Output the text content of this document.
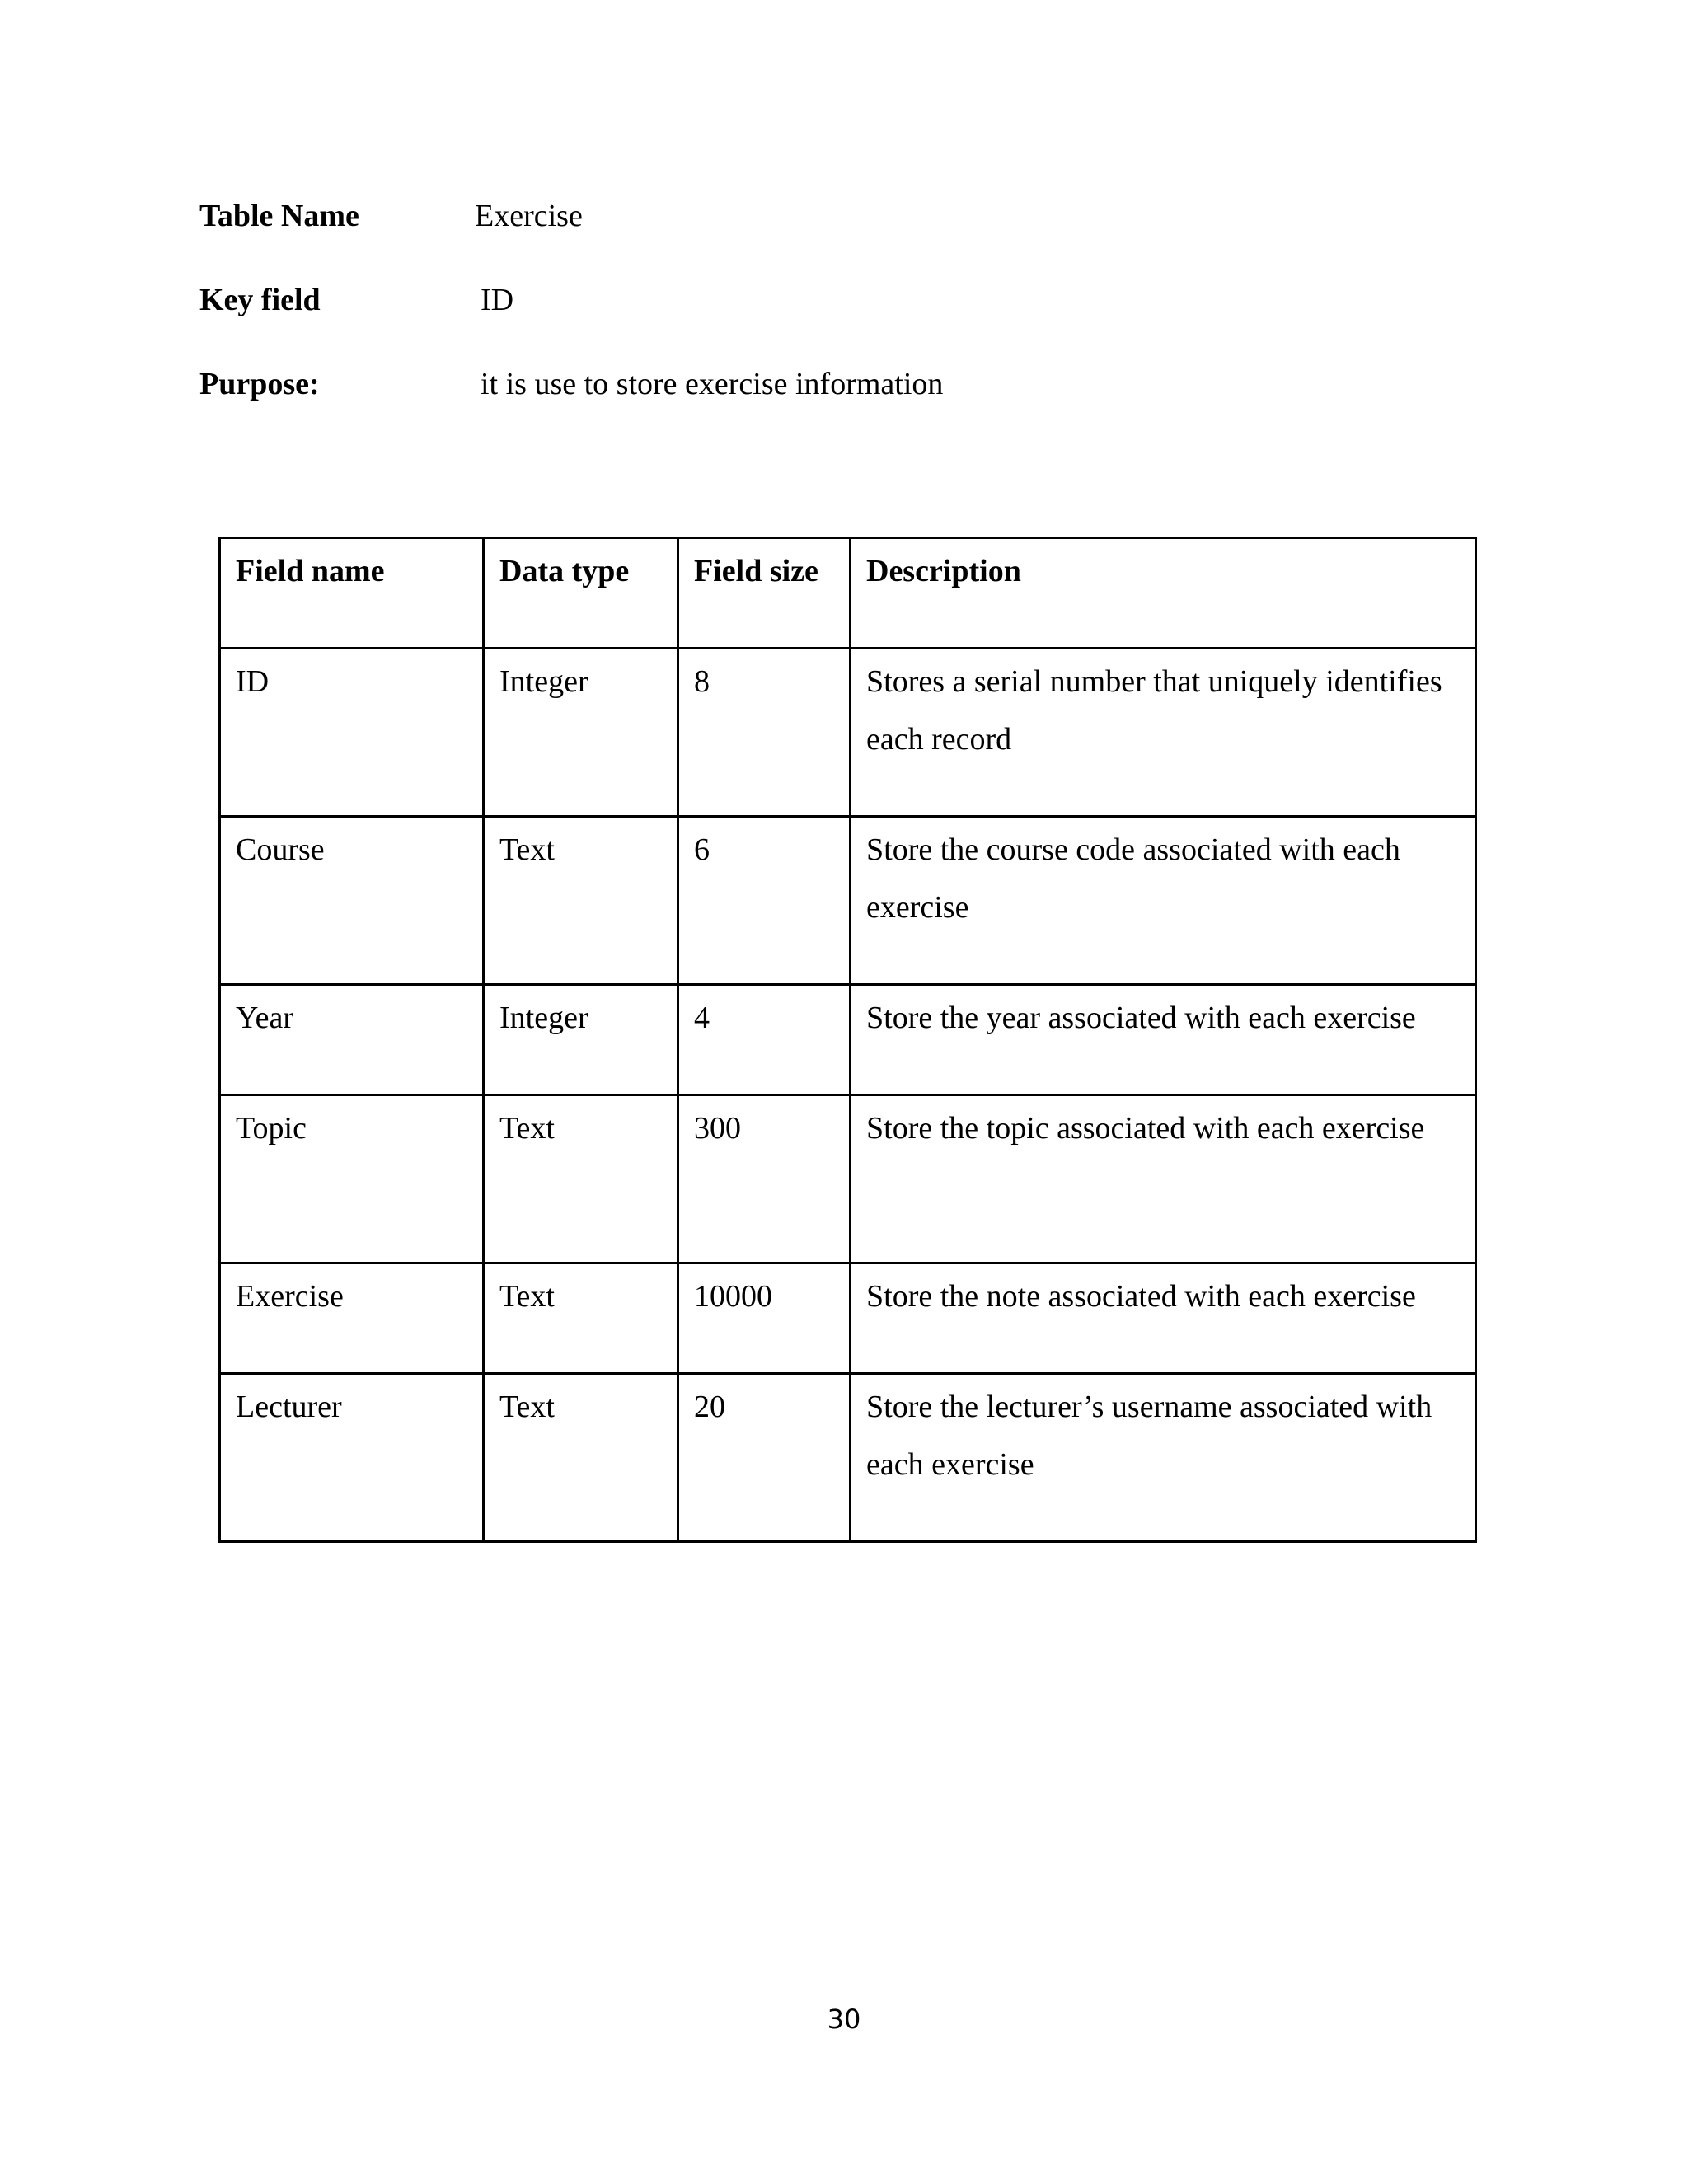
Table Name	Exercise
Key field	ID
Purpose:	it is use to store exercise information
Field name	Data type	Field size	Description
ID	Integer	8	Stores a serial number that uniquely identifies each record
Course	Text	6	Store the course code associated with each exercise
Year	Integer	4	Store the year associated with each exercise
Topic	Text	300	Store the topic associated with each exercise
Exercise	Text	10000	Store the note associated with each exercise
Lecturer	Text	20	Store the lecturer’s username associated with each exercise
30
